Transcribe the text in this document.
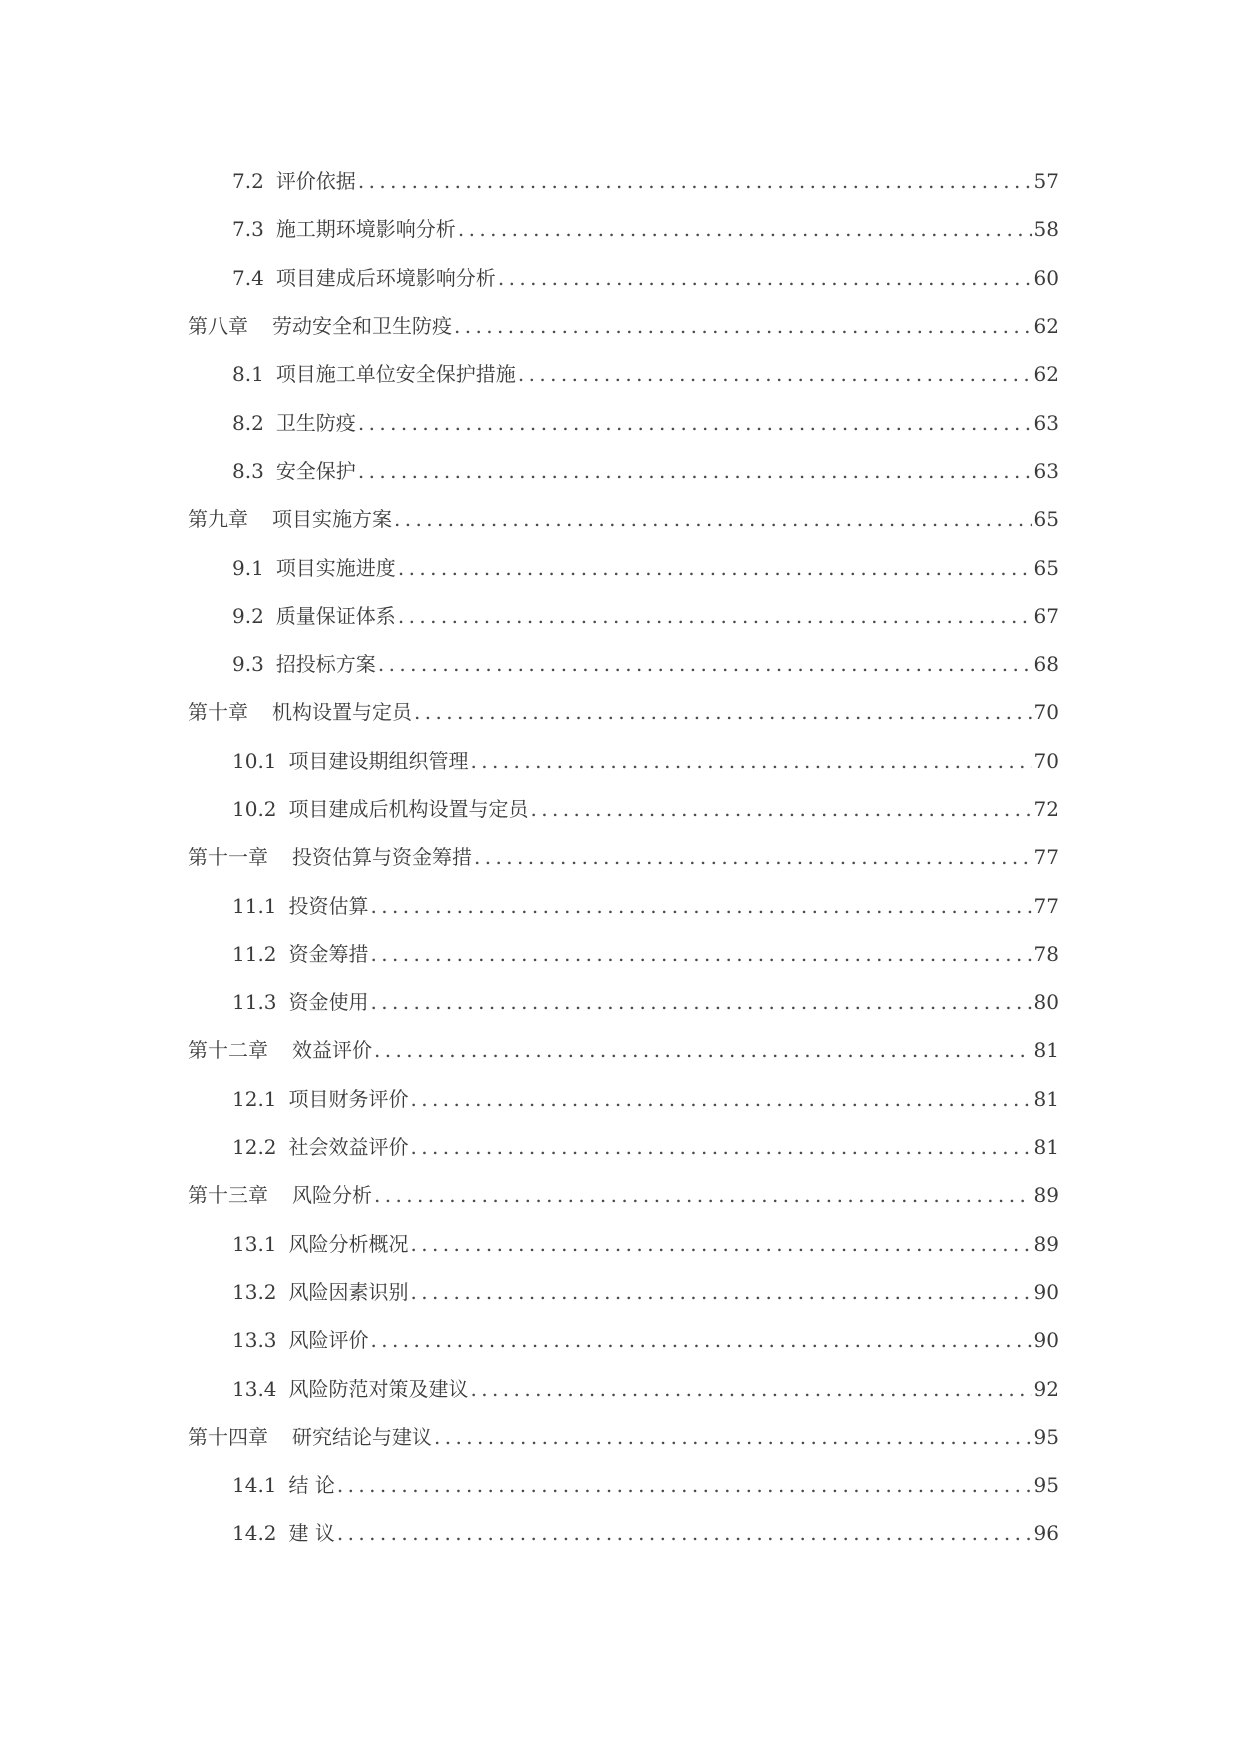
7.2 评价依据 .....	57
7.3 施工期环境影响分析 .....	58
7.4 项目建成后环境影响分析 .....	60
第八章 劳动安全和卫生防疫 .....	62
8.1 项目施工单位安全保护措施 .....	62
8.2 卫生防疫 .....	63
8.3 安全保护 .....	63
第九章 项目实施方案 .....	65
9.1 项目实施进度 .....	65
9.2 质量保证体系 .....	67
9.3 招投标方案 .....	68
第十章 机构设置与定员 .....	70
10.1 项目建设期组织管理 .....	70
10.2 项目建成后机构设置与定员 .....	72
第十一章 投资估算与资金筹措 .....	77
11.1 投资估算 .....	77
11.2 资金筹措 .....	78
11.3 资金使用 .....	80
第十二章 效益评价 .....	81
12.1 项目财务评价 .....	81
12.2 社会效益评价 .....	81
第十三章 风险分析 .....	89
13.1 风险分析概况 .....	89
13.2 风险因素识别 .....	90
13.3 风险评价 .....	90
13.4 风险防范对策及建议 .....	92
第十四章 研究结论与建议 .....	95
14.1 结 论 .....	95
14.2 建 议 .....	96
